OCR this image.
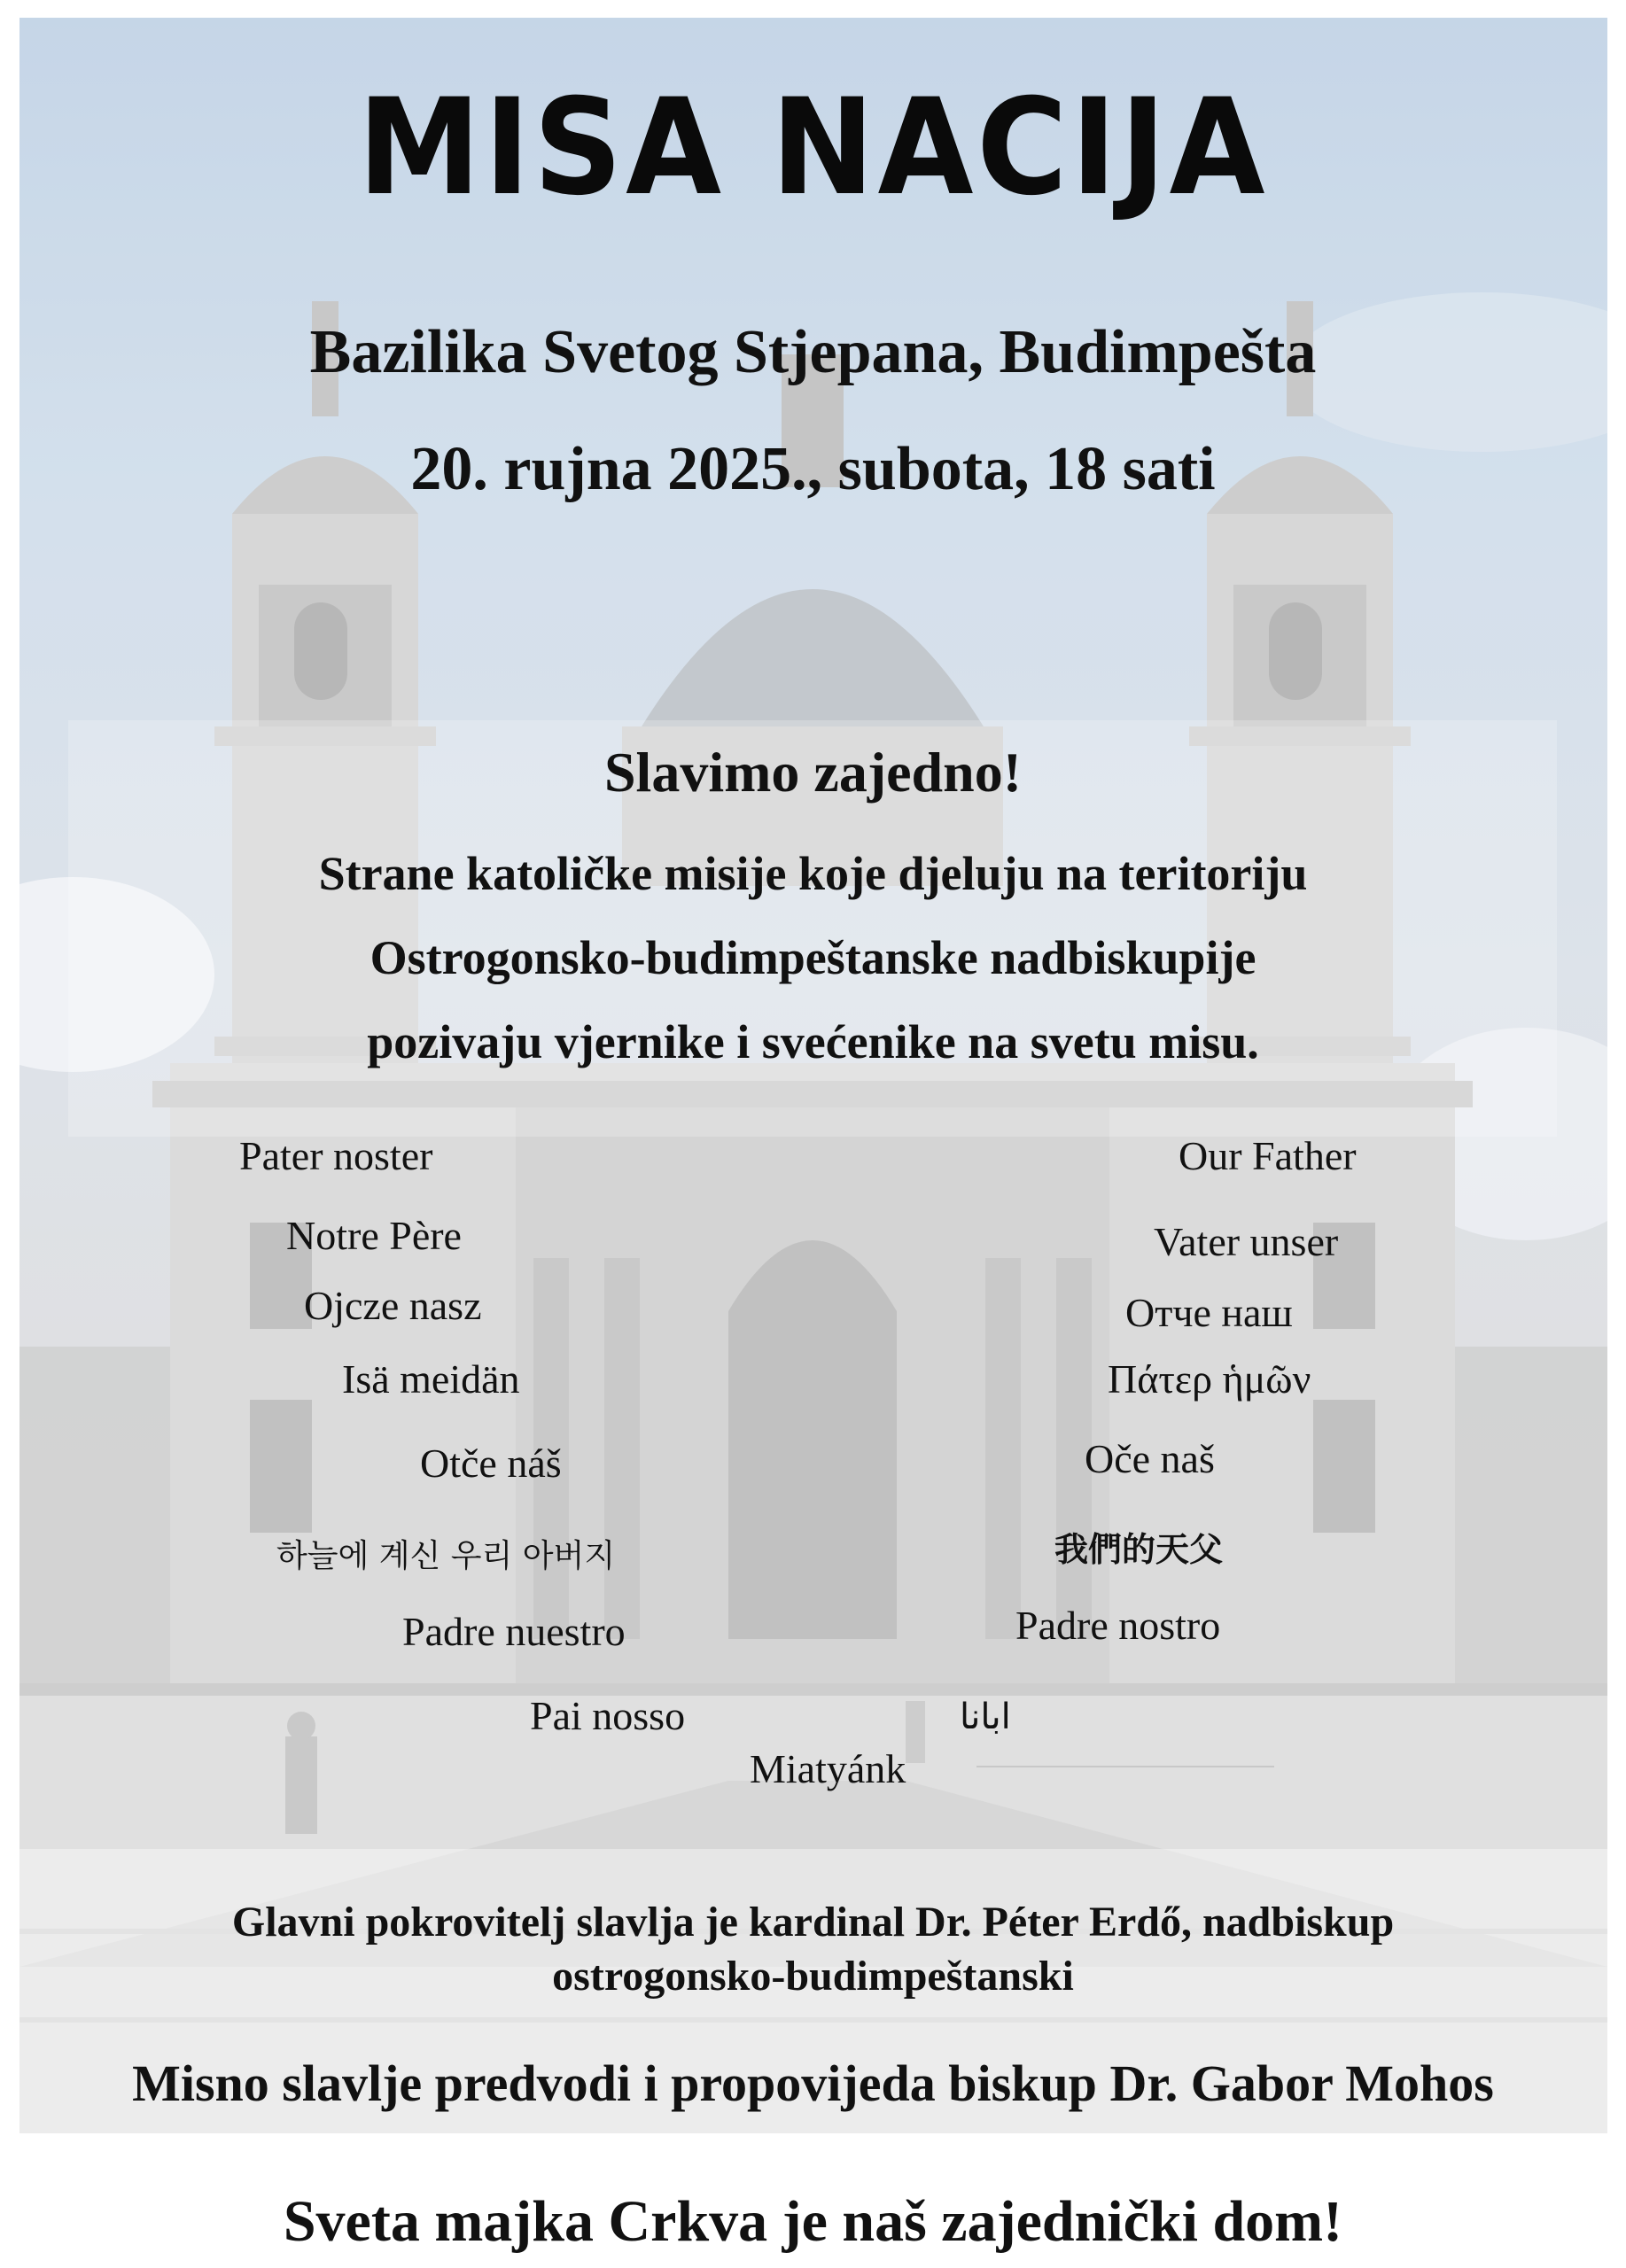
MISA NACIJA
Bazilika Svetog Stjepana, Budimpešta
20. rujna 2025., subota, 18 sati
Slavimo zajedno!
Strane katoličke misije koje djeluju na teritoriju
Ostrogonsko-budimpeštanske nadbiskupije
pozivaju vjernike i svećenike na svetu misu.
Pater noster
Notre Père
Ojcze nasz
Isä meidän
Otče náš
하늘에 계신 우리 아버지
Padre nuestro
Pai nosso
Our Father
Vater unser
Отче наш
Πάτερ ἡμῶν
Oče naš
我們的天父
Padre nostro
ابانا
Miatyánk
Glavni pokrovitelj slavlja je kardinal Dr. Péter Erdő, nadbiskup
ostrogonsko-budimpeštanski
Misno slavlje predvodi i propovijeda biskup Dr. Gabor Mohos
Sveta majka Crkva je naš zajednički dom!
